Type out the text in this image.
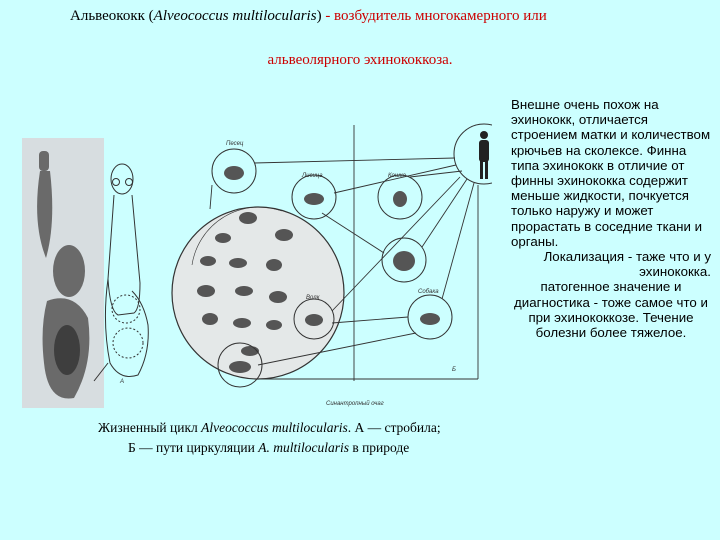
Альвеококк (Alveococcus multilocularis) - возбудитель многокамерного или
альвеолярного эхинококкоза.
Песец
Лисица	Кошка
Собака
Волк
Синантропный очаг
А
Б

Внешне очень похож на эхинококк, отличается строением матки и количеством крючьев на сколексе. Финна типа эхинококк в отличие от финны эхинококка содержит меньше жидкости, почкуется только наружу и может прорастать в соседние ткани и органы.

Локализация - таже что и у эхинококка.

патогенное значение и диагностика - тоже самое что и при эхинококкозе. Течение болезни более тяжелое.

Жизненный цикл Alveococcus multilocularis. А — стробила;
Б — пути циркуляции A. multilocularis в природе
